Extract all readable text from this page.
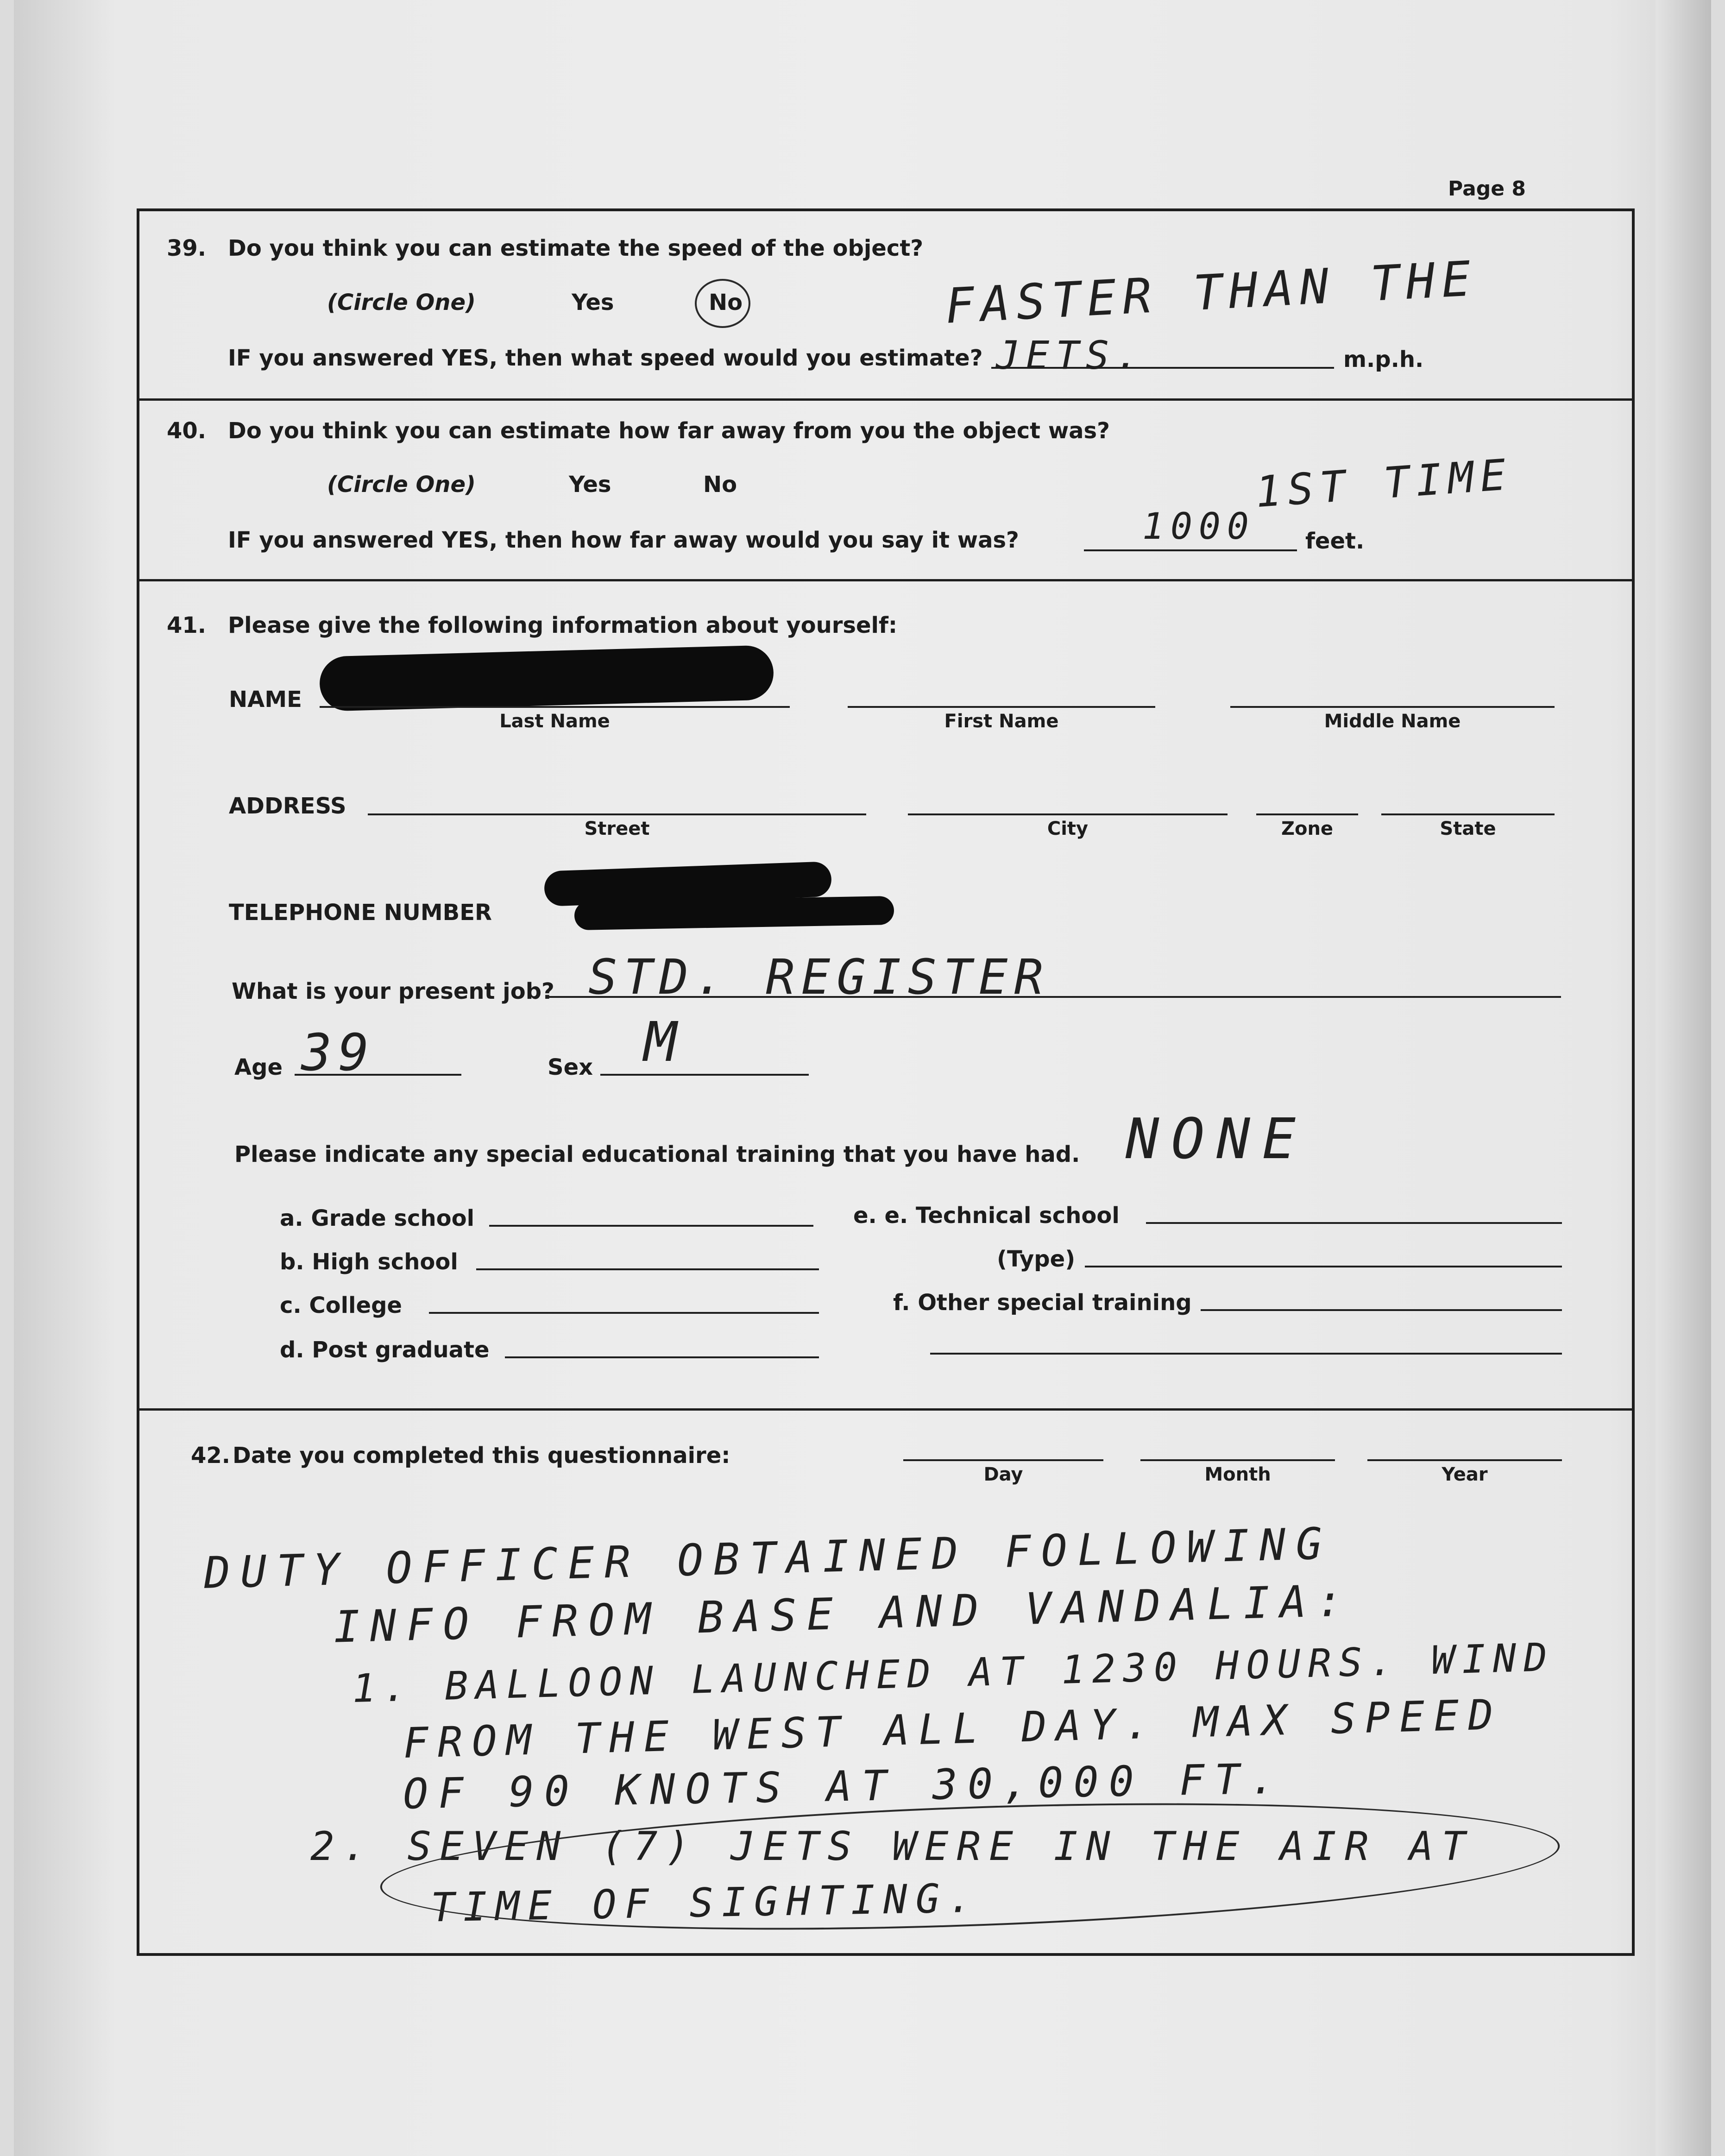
Page 8
39. Do you think you can estimate the speed of the object?
(Circle One)	Yes	No
IF you answered YES, then what speed would you estimate?
FASTER THAN THE
JETS.	m.p.h.
40. Do you think you can estimate how far away from you the object was?
(Circle One)	Yes	No
IF you answered YES, then how far away would you say it was?	1000
1ST TIME
feet.
41. Please give the following information about yourself:
NAME
Last Name	First Name	Middle Name
ADDRESS
Street	City	Zone	State
TELEPHONE NUMBER
What is your present job? STD. REGISTER
Age 39	Sex M
Please indicate any special educational training that you have had. NONE
a. Grade school
b. High school
c. College
d. Post graduate
e. e. Technical school
(Type)
f. Other special training
42. Date you completed this questionnaire:
Day	Month	Year
DUTY OFFICER OBTAINED FOLLOWING
INFO FROM BASE AND VANDALIA:
1. BALLOON LAUNCHED AT 1230 HOURS. WIND
FROM THE WEST ALL DAY. MAX SPEED
OF 90 KNOTS AT 30,000 FT.
2. SEVEN (7) JETS WERE IN THE AIR AT
TIME OF SIGHTING.
